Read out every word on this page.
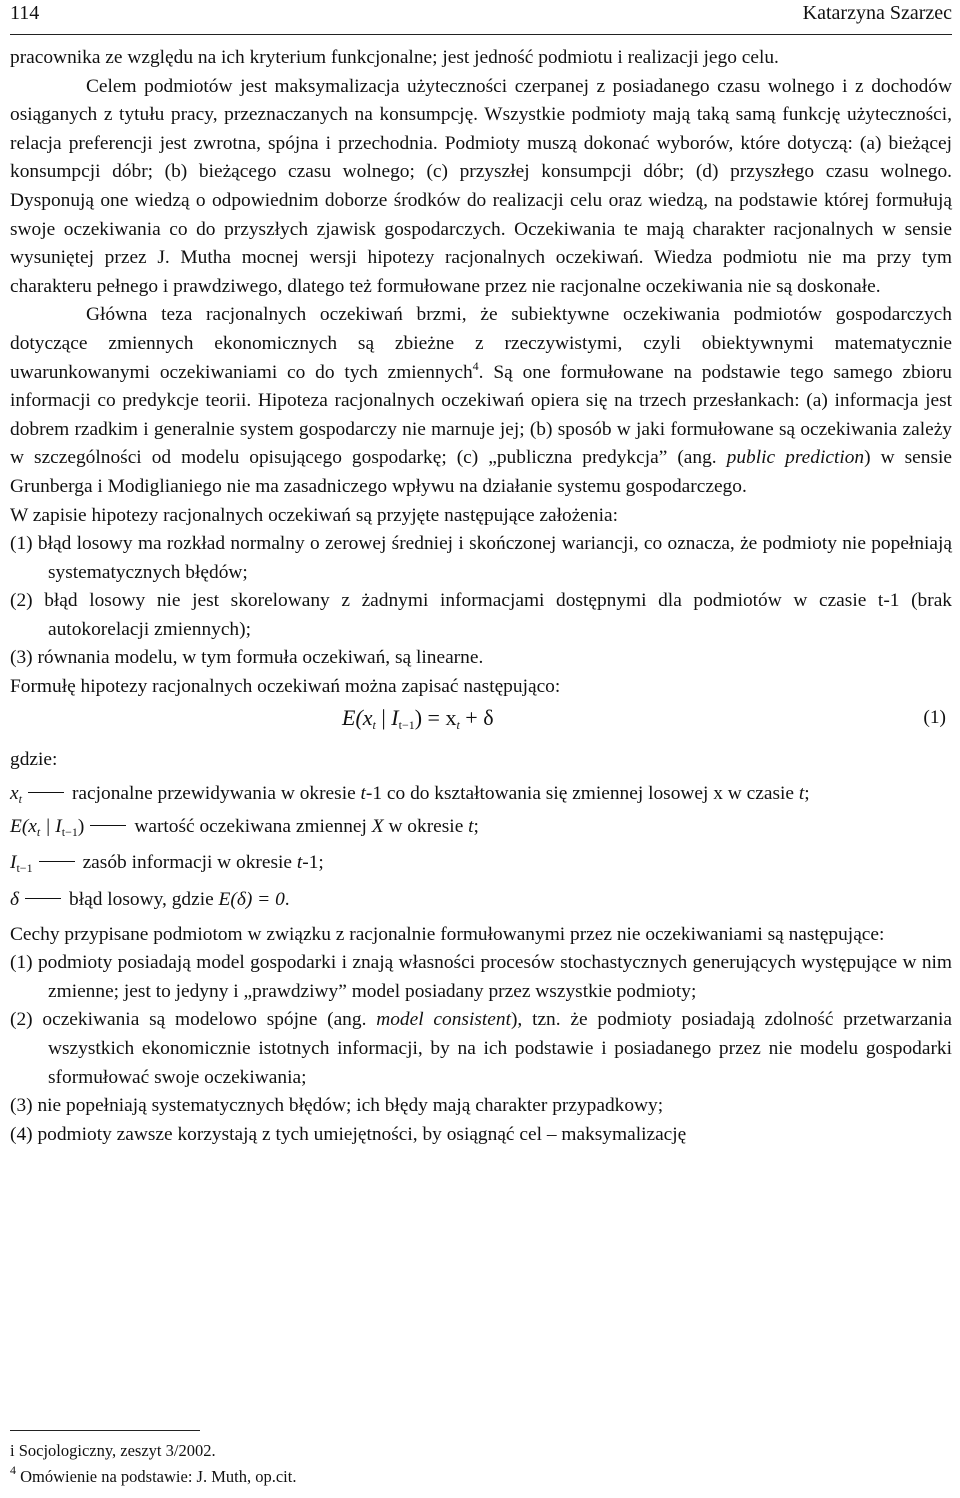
114	Katarzyna Szarzec

pracownika ze względu na ich kryterium funkcjonalne; jest jedność podmiotu i realizacji jego celu.

Celem podmiotów jest maksymalizacja użyteczności czerpanej z posiadanego czasu wolnego i z dochodów osiąganych z tytułu pracy, przeznaczanych na konsumpcję. Wszystkie podmioty mają taką samą funkcję użyteczności, relacja preferencji jest zwrotna, spójna i przechodnia. Podmioty muszą dokonać wyborów, które dotyczą: (a) bieżącej konsumpcji dóbr; (b) bieżącego czasu wolnego; (c) przyszłej konsumpcji dóbr; (d) przyszłego czasu wolnego. Dysponują one wiedzą o odpowiednim doborze środków do realizacji celu oraz wiedzą, na podstawie której formułują swoje oczekiwania co do przyszłych zjawisk gospodarczych. Oczekiwania te mają charakter racjonalnych w sensie wysuniętej przez J. Mutha mocnej wersji hipotezy racjonalnych oczekiwań. Wiedza podmiotu nie ma przy tym charakteru pełnego i prawdziwego, dlatego też formułowane przez nie racjonalne oczekiwania nie są doskonałe.

Główna teza racjonalnych oczekiwań brzmi, że subiektywne oczekiwania podmiotów gospodarczych dotyczące zmiennych ekonomicznych są zbieżne z rzeczywistymi, czyli obiektywnymi matematycznie uwarunkowanymi oczekiwaniami co do tych zmiennych$^4$. Są one formułowane na podstawie tego samego zbioru informacji co predykcje teorii. Hipoteza racjonalnych oczekiwań opiera się na trzech przesłankach: (a) informacja jest dobrem rzadkim i generalnie system gospodarczy nie marnuje jej; (b) sposób w jaki formułowane są oczekiwania zależy w szczególności od modelu opisującego gospodarkę; (c) „publiczna predykcja” (ang. public prediction) w sensie Grunberga i Modiglianiego nie ma zasadniczego wpływu na działanie systemu gospodarczego.

W zapisie hipotezy racjonalnych oczekiwań są przyjęte następujące założenia:

(1) błąd losowy ma rozkład normalny o zerowej średniej i skończonej wariancji, co oznacza, że podmioty nie popełniają systematycznych błędów;

(2) błąd losowy nie jest skorelowany z żadnymi informacjami dostępnymi dla podmiotów w czasie t-1 (brak autokorelacji zmiennych);

(3) równania modelu, w tym formuła oczekiwań, są linearne.

Formułę hipotezy racjonalnych oczekiwań można zapisać następująco:

$E(x_t$ | $I_{t-1}) = x_t + \delta$	(1)

gdzie:

$x_t$	racjonalne przewidywania w okresie t-1 co do kształtowania się zmiennej losowej x w czasie t;

$E(x_t$ | $I_{t-1}$)	wartość oczekiwana zmiennej X w okresie t;

$I_{t-1}$	zasób informacji w okresie t-1;

δ	błąd losowy, gdzie E(δ) = 0.

Cechy przypisane podmiotom w związku z racjonalnie formułowanymi przez nie oczekiwaniami są następujące:

(1) podmioty posiadają model gospodarki i znają własności procesów stochastycznych generujących występujące w nim zmienne; jest to jedyny i „prawdziwy” model posiadany przez wszystkie podmioty;

(2) oczekiwania są modelowo spójne (ang. model consistent), tzn. że podmioty posiadają zdolność przetwarzania wszystkich ekonomicznie istotnych informacji, by na ich podstawie i posiadanego przez nie modelu gospodarki sformułować swoje oczekiwania;

(3) nie popełniają systematycznych błędów; ich błędy mają charakter przypadkowy;

(4) podmioty zawsze korzystają z tych umiejętności, by osiągnąć cel – maksymalizację

i Socjologiczny, zeszyt 3/2002.
$^4$ Omówienie na podstawie: J. Muth, op.cit.
